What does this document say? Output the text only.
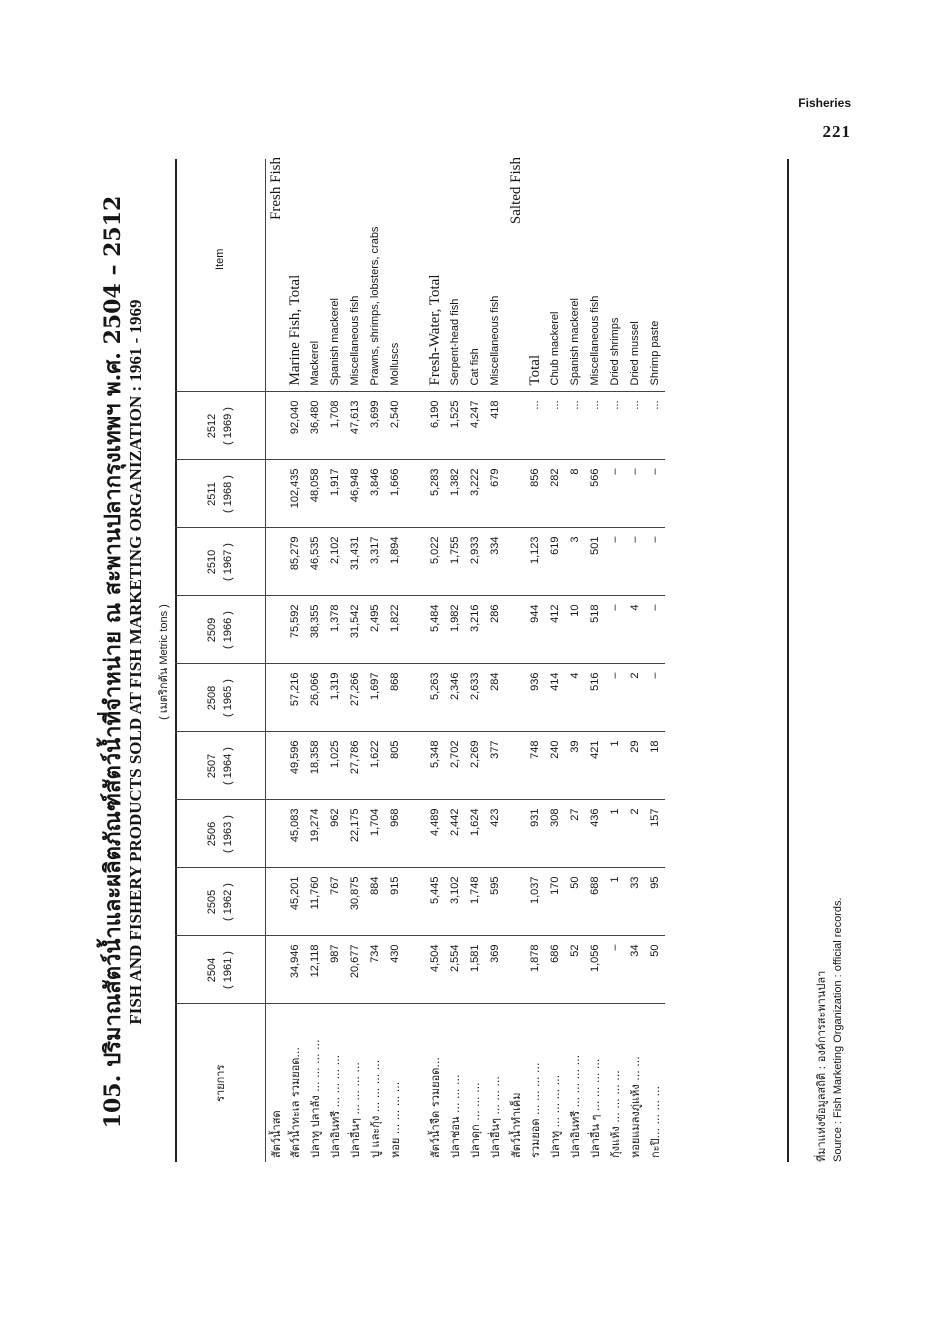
Fisheries
221
105.ปริมาณสัตว์น้ำและผลิตภัณฑ์สัตว์น้ำที่จำหน่าย ณ สะพานปลากรุงเทพฯ พ.ศ. 2504 – 2512 FISH AND FISHERY PRODUCTS SOLD AT FISH MARKETING ORGANIZATION : 1961 - 1969	( เมตริกตัน Metric tons )
รายการ	2504 ( 1961 )	2505 ( 1962 )	2506 ( 1963 )	2507 ( 1964 )	2508 ( 1965 )	2509 ( 1966 )	2510 ( 1967 )	2511 ( 1968 )	2512 ( 1969 )	Item
สัตว์น้ำสด										Fresh Fish
สัตว์น้ำทะเล รวมยอด...	34,946	45,201	45,083	49,596	57,216	75,592	85,279	102,435	92,040	Marine Fish, Total
ปลาทู ปลาลัง ... ... ... ...	12,118	11,760	19,274	18,358	26,066	38,355	46,535	48,058	36,480	Mackerel
ปลาอินทรี ... ... ... ...	987	767	962	1,025	1,319	1,378	2,102	1,917	1,708	Spanish mackerel
ปลาอื่นๆ ... ... ... ...	20,677	30,875	22,175	27,786	27,266	31,542	31,431	46,948	47,613	Miscellaneous fish
ปู และกุ้ง ... ... ... ...	734	884	1,704	1,622	1,697	2,495	3,317	3,846	3,699	Prawns, shrimps, lobsters, crabs
หอย ... ... ... ...	430	915	968	805	868	1,822	1,894	1,666	2,540	Molluscs

สัตว์น้ำจืด รวมยอด...	4,504	5,445	4,489	5,348	5,263	5,484	5,022	5,283	6,190	Fresh-Water, Total
ปลาช่อน ... ... ...	2,554	3,102	2,442	2,702	2,346	1,982	1,755	1,382	1,525	Serpent-head fish
ปลาดุก ... ... ...	1,581	1,748	1,624	2,269	2,633	3,216	2,933	3,222	4,247	Cat fish
ปลาอื่นๆ ... ... ...	369	595	423	377	284	286	334	679	418	Miscellaneous fish
สัตว์น้ำทำเค็ม										Salted Fish
รวมยอด ... ... ... ...	1,878	1,037	931	748	936	944	1,123	856	...	Total
ปลาทู ... ... ... ...	686	170	308	240	414	412	619	282	...	Chub mackerel
ปลาอินทรี ... ... ... ...	52	50	27	39	4	10	3	8	...	Spanish mackerel
ปลาอื่น ๆ ... ... ... ...	1,056	688	436	421	516	518	501	566	...	Miscellaneous fish
กุ้งแห้ง ... ... ... ...	–	1	1	1	–	–	–	–	...	Dried shrimps
หอยแมลงภู่แห้ง ... ...	34	33	2	29	2	4	–	–	...	Dried mussel
กะปิ... ... ... ...	50	95	157	18	–	–	–	–	...	Shrimp paste
ที่มาแห่งข้อมูลสถิติ : องค์การสะพานปลา Source : Fish Marketing Organization : official records.
